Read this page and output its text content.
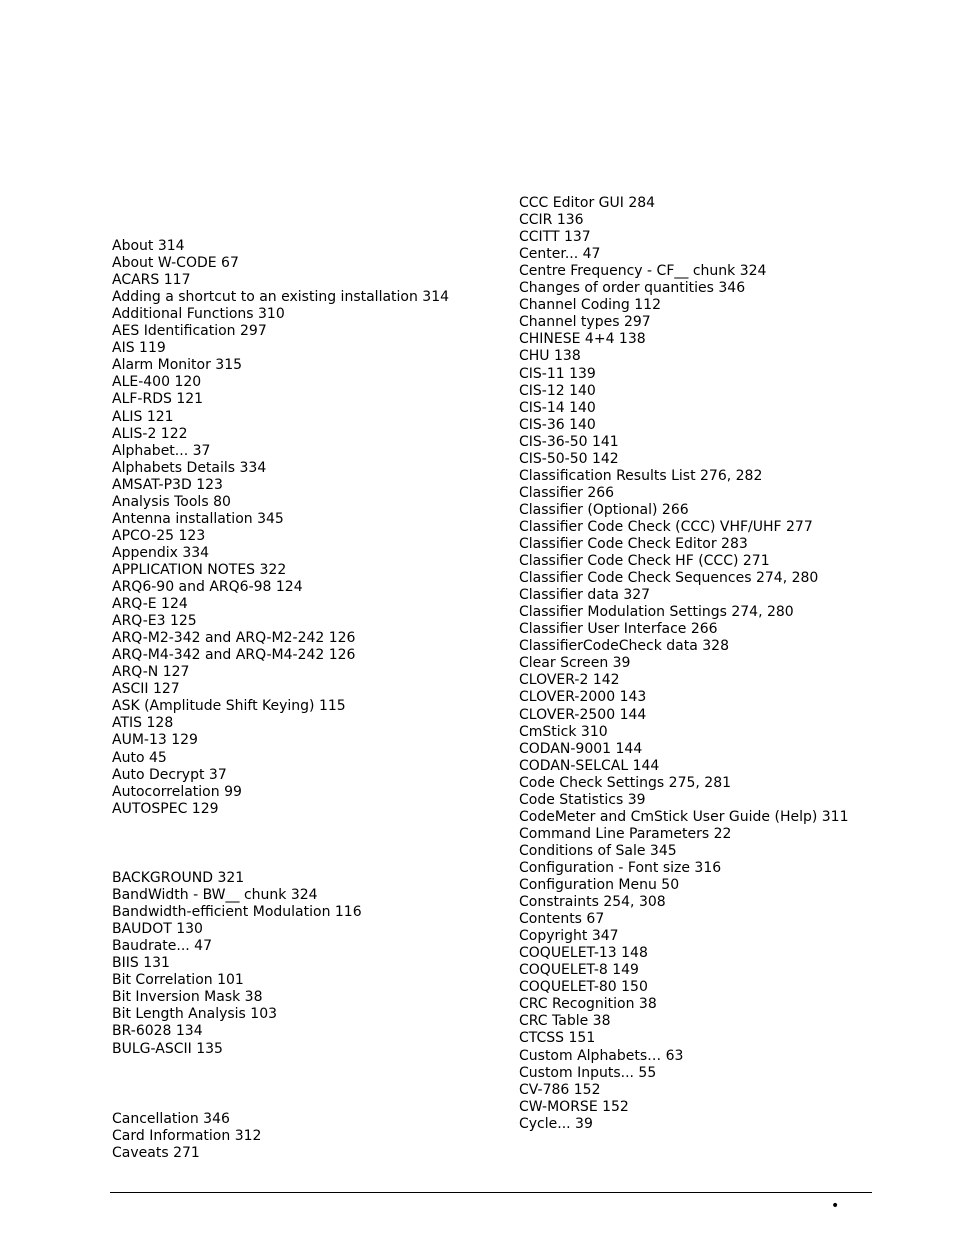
About 314
About W-CODE 67
ACARS 117
Adding a shortcut to an existing installation 314
Additional Functions 310
AES Identification 297
AIS 119
Alarm Monitor 315
ALE-400 120
ALF-RDS 121
ALIS 121
ALIS-2 122
Alphabet... 37
Alphabets Details 334
AMSAT-P3D 123
Analysis Tools 80
Antenna installation 345
APCO-25 123
Appendix 334
APPLICATION NOTES 322
ARQ6-90 and ARQ6-98 124
ARQ-E 124
ARQ-E3 125
ARQ-M2-342 and ARQ-M2-242 126
ARQ-M4-342 and ARQ-M4-242 126
ARQ-N 127
ASCII 127
ASK (Amplitude Shift Keying) 115
ATIS 128
AUM-13 129
Auto 45
Auto Decrypt 37
Autocorrelation 99
AUTOSPEC 129
BACKGROUND 321
BandWidth - BW__ chunk 324
Bandwidth-efficient Modulation 116
BAUDOT 130
Baudrate... 47
BIIS 131
Bit Correlation 101
Bit Inversion Mask 38
Bit Length Analysis 103
BR-6028 134
BULG-ASCII 135
Cancellation 346
Card Information 312
Caveats 271
CCC Editor GUI 284
CCIR 136
CCITT 137
Center... 47
Centre Frequency - CF__ chunk 324
Changes of order quantities 346
Channel Coding 112
Channel types 297
CHINESE 4+4 138
CHU 138
CIS-11 139
CIS-12 140
CIS-14 140
CIS-36 140
CIS-36-50 141
CIS-50-50 142
Classification Results List 276, 282
Classifier 266
Classifier (Optional) 266
Classifier Code Check (CCC) VHF/UHF 277
Classifier Code Check Editor 283
Classifier Code Check HF (CCC) 271
Classifier Code Check Sequences 274, 280
Classifier data 327
Classifier Modulation Settings 274, 280
Classifier User Interface 266
ClassifierCodeCheck data 328
Clear Screen 39
CLOVER-2 142
CLOVER-2000 143
CLOVER-2500 144
CmStick 310
CODAN-9001 144
CODAN-SELCAL 144
Code Check Settings 275, 281
Code Statistics 39
CodeMeter and CmStick User Guide (Help) 311
Command Line Parameters 22
Conditions of Sale 345
Configuration - Font size 316
Configuration Menu 50
Constraints 254, 308
Contents 67
Copyright 347
COQUELET-13 148
COQUELET-8 149
COQUELET-80 150
CRC Recognition 38
CRC Table 38
CTCSS 151
Custom Alphabets… 63
Custom Inputs... 55
CV-786 152
CW-MORSE 152
Cycle... 39
•
